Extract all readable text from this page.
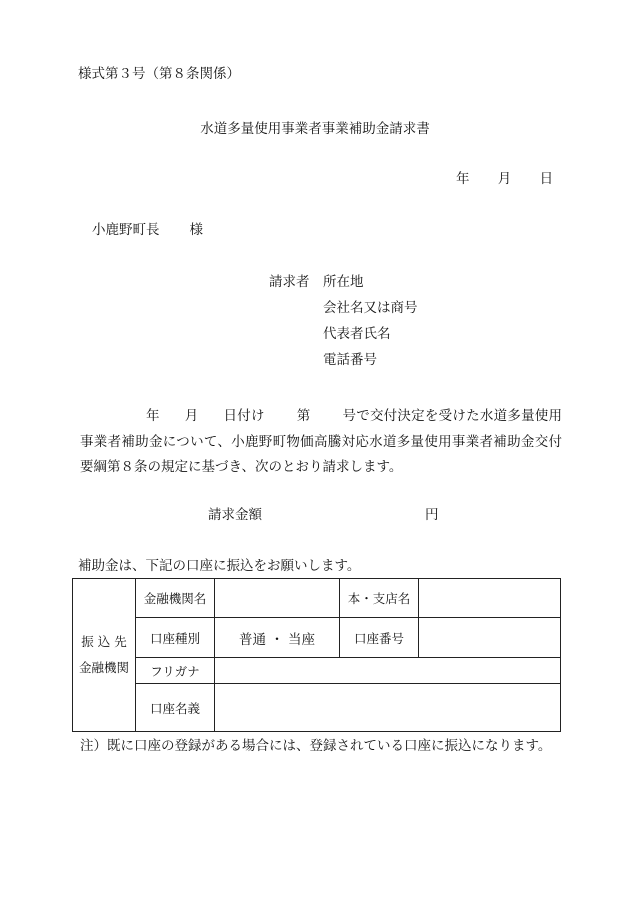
様式第３号（第８条関係）
水道多量使用事業者事業補助金請求書
年 月 日
小鹿野町長 様
請求者 所在地
会社名又は商号
代表者氏名
電話番号
年 月 日付け 第 号で交付決定を受けた水道多量使用事業者補助金について、小鹿野町物価高騰対応水道多量使用事業者補助金交付要綱第８条の規定に基づき、次のとおり請求します。
請求金額	円
補助金は、下記の口座に振込をお願いします。
振 込 先
金融機関	金融機関名		本・支店名	
	口座種別	普通 ・ 当座	口座番号	
	フリガナ			
	口座名義			
注）既に口座の登録がある場合には、登録されている口座に振込になります。
